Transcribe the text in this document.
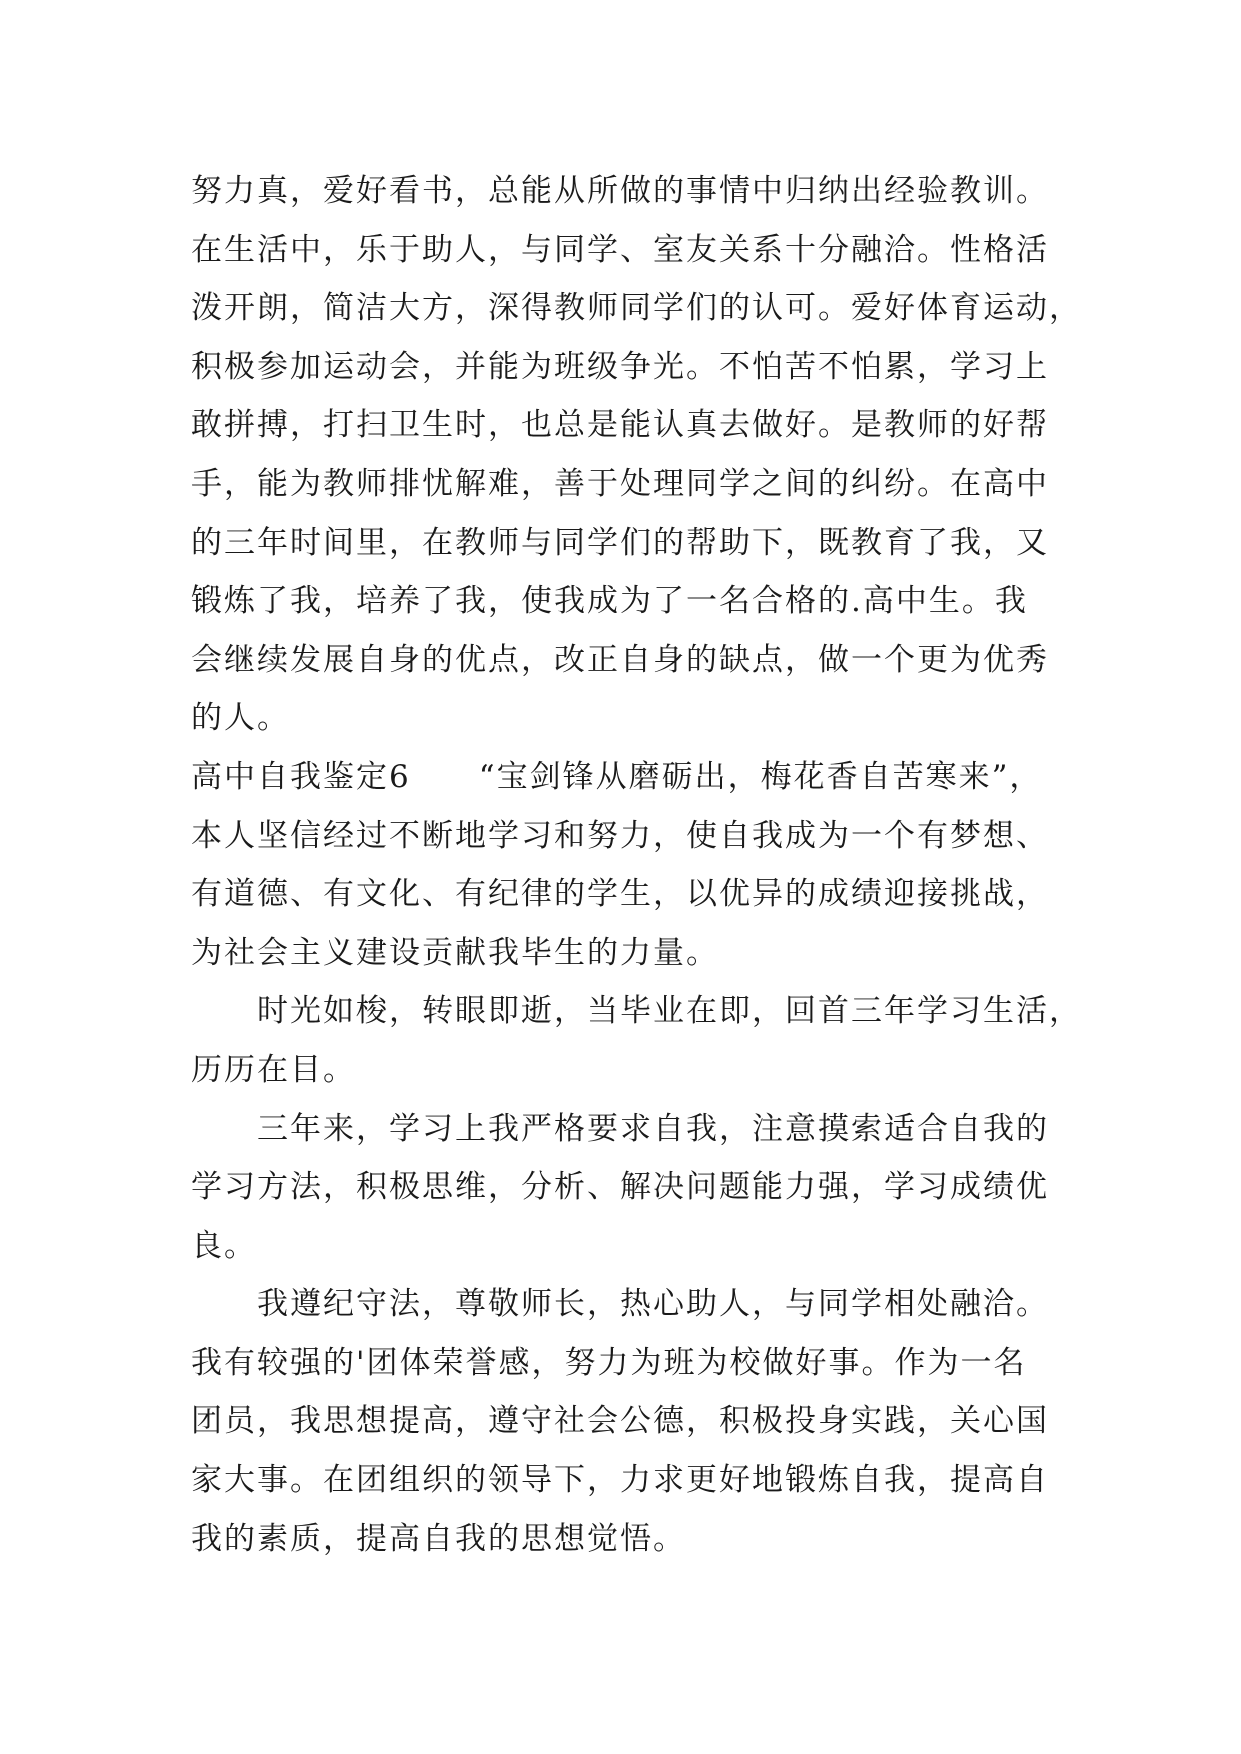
努力真，爱好看书，总能从所做的事情中归纳出经验教训。
在生活中，乐于助人，与同学、室友关系十分融洽。性格活
泼开朗，简洁大方，深得教师同学们的认可。爱好体育运动，
积极参加运动会，并能为班级争光。不怕苦不怕累，学习上
敢拼搏，打扫卫生时，也总是能认真去做好。是教师的好帮
手，能为教师排忧解难，善于处理同学之间的纠纷。在高中
的三年时间里，在教师与同学们的帮助下，既教育了我，又
锻炼了我，培养了我，使我成为了一名合格的.高中生。我
会继续发展自身的优点，改正自身的缺点，做一个更为优秀
的人。
高中自我鉴定6 “宝剑锋从磨砺出，梅花香自苦寒来”，
本人坚信经过不断地学习和努力，使自我成为一个有梦想、
有道德、有文化、有纪律的学生，以优异的成绩迎接挑战，
为社会主义建设贡献我毕生的力量。
时光如梭，转眼即逝，当毕业在即，回首三年学习生活，
历历在目。
三年来，学习上我严格要求自我，注意摸索适合自我的
学习方法，积极思维，分析、解决问题能力强，学习成绩优
良。
我遵纪守法，尊敬师长，热心助人，与同学相处融洽。
我有较强的'团体荣誉感，努力为班为校做好事。作为一名
团员，我思想提高，遵守社会公德，积极投身实践，关心国
家大事。在团组织的领导下，力求更好地锻炼自我，提高自
我的素质，提高自我的思想觉悟。
